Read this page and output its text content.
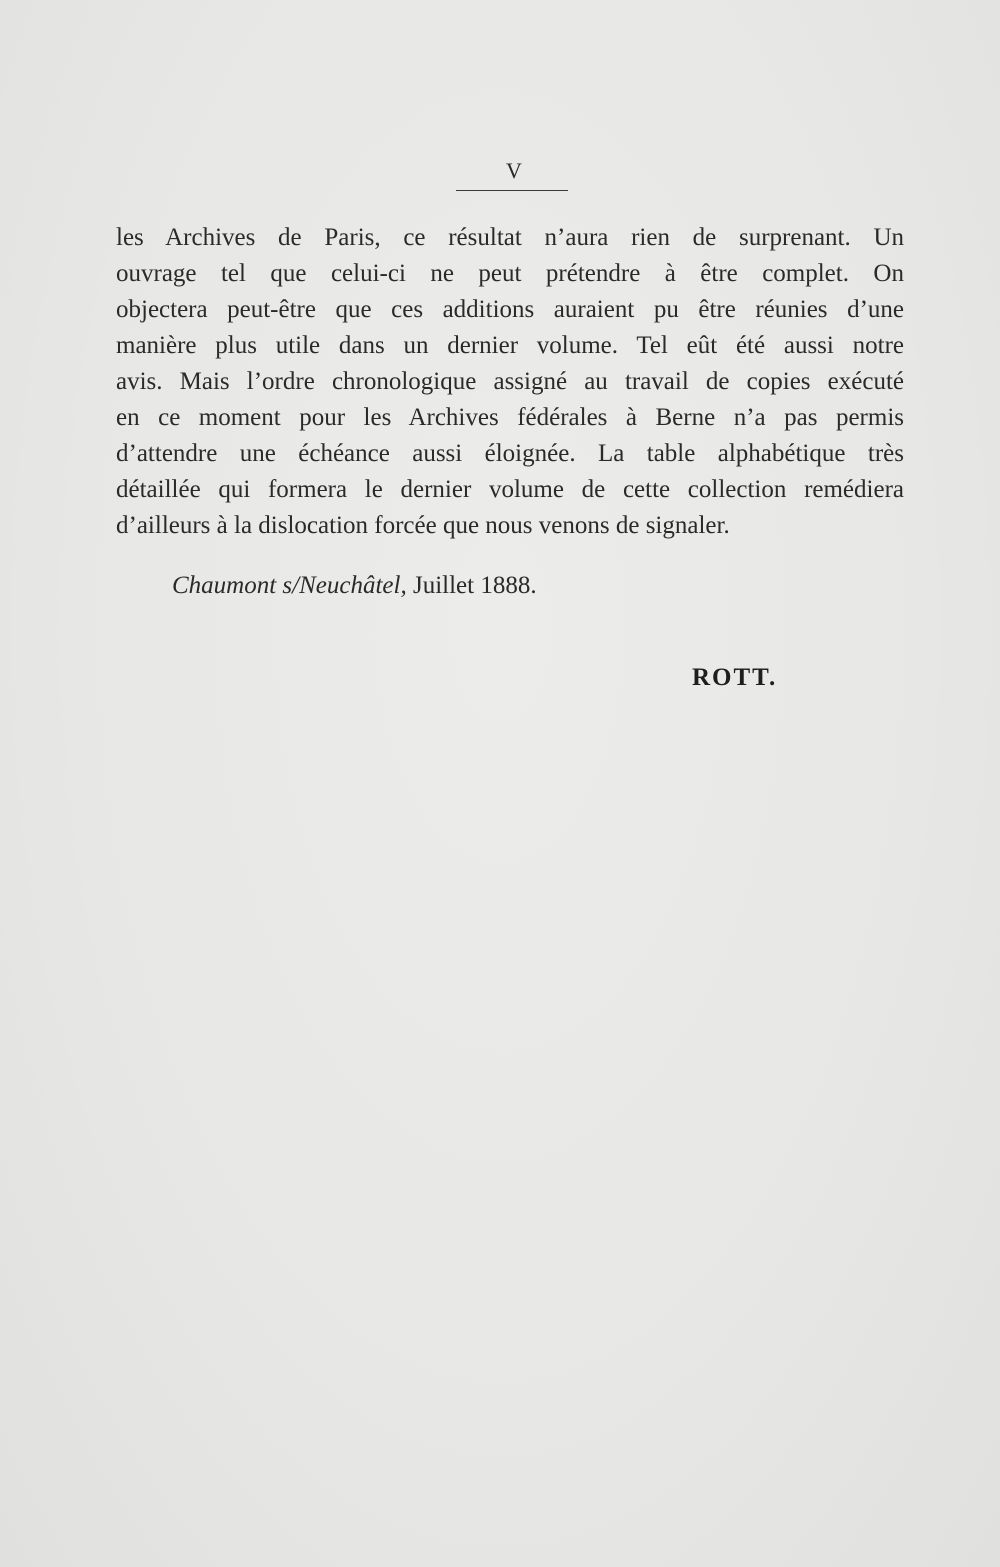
V
les Archives de Paris, ce résultat n’aura rien de surprenant. Un
ouvrage tel que celui-ci ne peut prétendre à être complet. On
objectera peut-être que ces additions auraient pu être réunies d’une
manière plus utile dans un dernier volume. Tel eût été aussi notre
avis. Mais l’ordre chronologique assigné au travail de copies exécuté
en ce moment pour les Archives fédérales à Berne n’a pas permis
d’attendre une échéance aussi éloignée. La table alphabétique très
détaillée qui formera le dernier volume de cette collection remédiera
d’ailleurs à la dislocation forcée que nous venons de signaler.

Chaumont s/Neuchâtel, Juillet 1888.

ROTT.
